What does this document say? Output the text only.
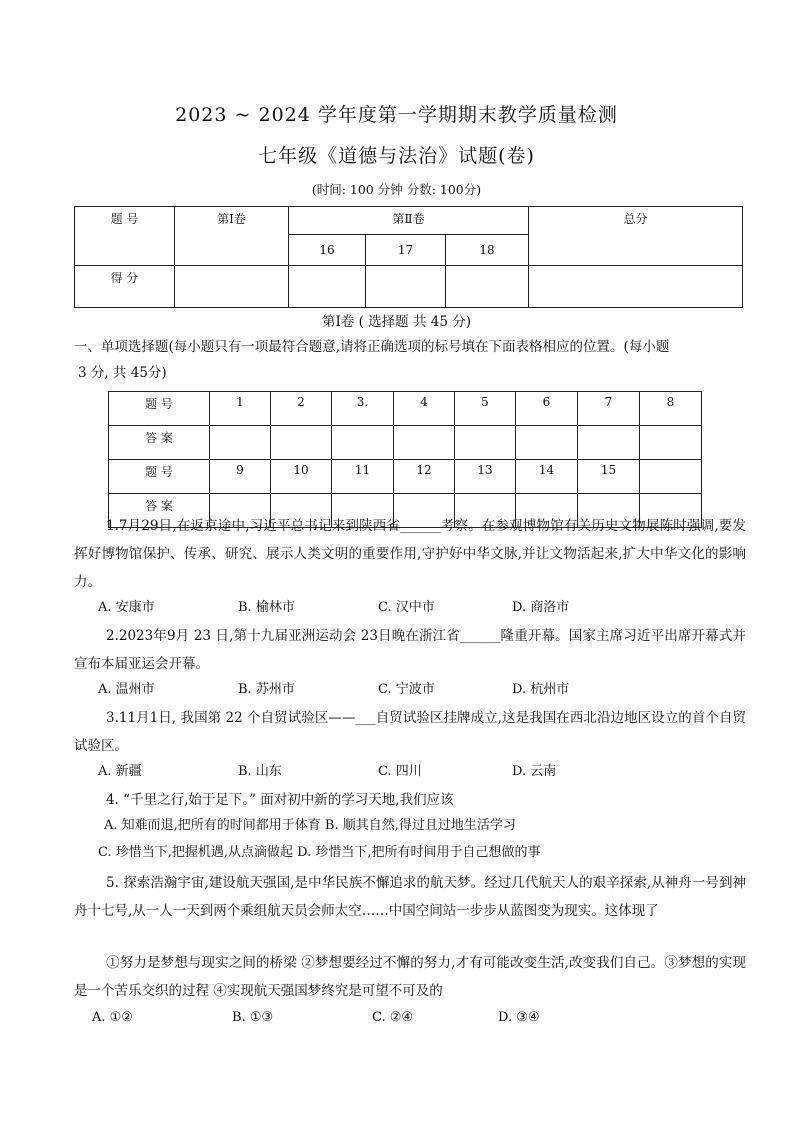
2023 ~ 2024 学年度第一学期期末教学质量检测
七年级《道德与法治》试题(卷)
(时间: 100 分钟 分数: 100分)
题 号	第Ⅰ卷	第Ⅱ卷			总分
		16	17	18	
得 分					
第Ⅰ卷 ( 选择题 共 45 分)
一、单项选择题(每小题只有一项最符合题意,请将正确选项的标号填在下面表格相应的位置。(每小题
3 分, 共 45分)
题 号	1	2	3.	4	5	6	7	8
答 案								
题 号	9	10	11	12	13	14	15	
答 案								
1.7月29日,在返京途中,习近平总书记来到陕西省______考察。在参观博物馆有关历史文物展陈时强调,要发挥好博物馆保护、传承、研究、展示人类文明的重要作用,守护好中华文脉,并让文物活起来,扩大中华文化的影响力。
A. 安康市	B. 榆林市	C. 汉中市	D. 商洛市
2.2023年9月 23 日,第十九届亚洲运动会 23日晚在浙江省______隆重开幕。国家主席习近平出席开幕式并宣布本届亚运会开幕。
A. 温州市	B. 苏州市	C. 宁波市	D. 杭州市
3.11月1日, 我国第 22 个自贸试验区——___自贸试验区挂牌成立,这是我国在西北沿边地区设立的首个自贸试验区。
A. 新疆	B. 山东	C. 四川	D. 云南
4. “千里之行,始于足下。” 面对初中新的学习天地,我们应该
A. 知难而退,把所有的时间都用于体育 B. 顺其自然,得过且过地生活学习
C. 珍惜当下,把握机遇,从点滴做起 D. 珍惜当下,把所有时间用于自己想做的事
5. 探索浩瀚宇宙,建设航天强国,是中华民族不懈追求的航天梦。经过几代航天人的艰辛探索,从神舟一号到神舟十七号,从一人一天到两个乘组航天员会师太空……中国空间站一步步从蓝图变为现实。这体现了
①努力是梦想与现实之间的桥梁 ②梦想要经过不懈的努力,才有可能改变生活,改变我们自己。③梦想的实现是一个苦乐交织的过程 ④实现航天强国梦终究是可望不可及的
A. ①②	B. ①③	C. ②④	D. ③④
